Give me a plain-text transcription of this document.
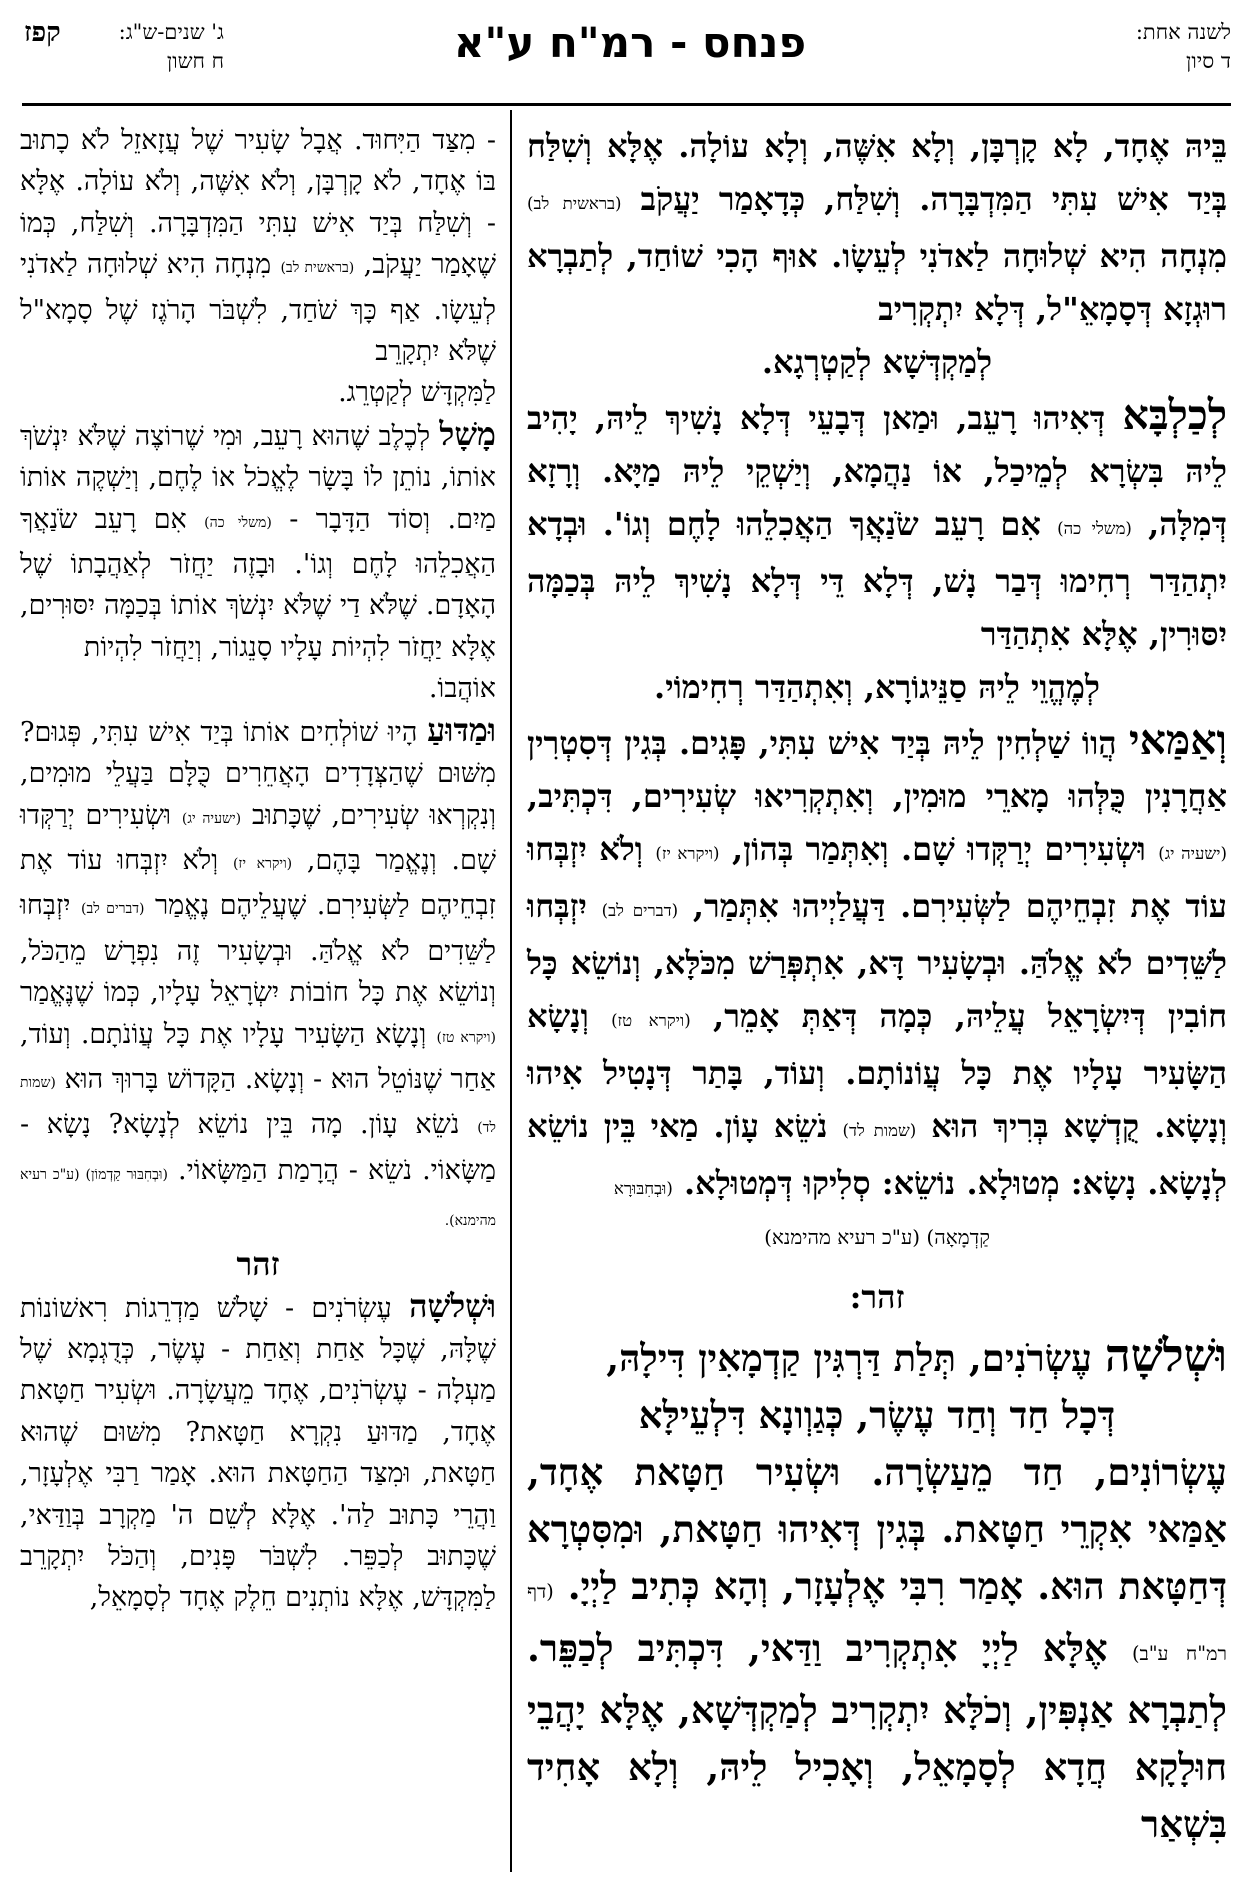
לשנה אחת:
ד סיון
פנחס - רמ"ח ע"א
ג' שנים-ש"ג:
קפז
ח חשון

בֵּיהּ אֶחָד, לָא קָרְבָּן, וְלָא אִשֶּׁה, וְלָא עוֹלָה. אֶלָּא וְשִׁלַּח בְּיַד אִישׁ עִתִּי הַמִּדְבָּרָה. וְשִׁלַּח, כְּדָאָמַר יַעֲקֹב (בראשית לב) מִנְחָה הִיא שְׁלוּחָה לַאדֹנִי לְעֵשָׂו. אוּף הָכִי שׁוֹחַד, לְתַבְרָא רוּגְזָא דְּסָמָאֵ"ל, דְּלָא יִתְקְרִיב

לְמַקְדְּשָׁא לְקַטְרְגָא.

לְכַלְבָּא דְּאִיהוּ רָעֵב, וּמַאן דְּבָעֵי דְּלָא נָשִׁיךְ לֵיהּ, יָהִיב לֵיהּ בִּשְׂרָא לְמֵיכַל, אוֹ נַהֲמָא, וְיַשְׁקֵי לֵיהּ מַיָּא. וְרָזָא דְּמִלָּה, (משלי כה) אִם רָעֵב שֹׂנַאֲךָ הַאֲכִלֵהוּ לָחֶם וְגוֹ'. וּבְדָא יִתְהַדַּר רְחִימוּ דְּבַר נָשׁ, דְּלָא דֵּי דְּלָא נָשִׁיךְ לֵיהּ בְּכַמָּה יִסּוּרִין, אֶלָּא אִתְהַדַּר

לְמֶהֱוֵי לֵיהּ סַנֵּיגוֹרָא, וְאִתְהַדַּר רְחִימוֹי.

וְאַמַּאי הֲווֹ שַׁלְחִין לֵיהּ בְּיַד אִישׁ עִתִּי, פָּגִים. בְּגִין דְּסִטְרִין אַחֲרָנִין כֻּלְּהוּ מָארֵי מוּמִין, וְאִתְקְרִיאוּ שְׂעִירִים, דִּכְתִּיב, (ישעיה יג) וּשְׂעִירִים יְרַקְּדוּ שָׁם. וְאִתְּמַר בְּהוֹן, (ויקרא יז) וְלֹא יִזְבְּחוּ עוֹד אֶת זִבְחֵיהֶם לַשְּׂעִירִם. דַּעֲלַיְיהוּ אִתְּמַר, (דברים לב) יִזְבְּחוּ לַשֵּׁדִים לֹא אֱלֹהַּ. וּבְשָׂעִיר דָּא, אִתְפְּרַשׁ מִכֹּלָּא, וְנוֹשֵׂא כָּל חוֹבִין דְּיִשְׂרָאֵל עֲלֵיהּ, כְּמָה דְּאַתְּ אָמֵר, (ויקרא טז) וְנָשָׂא הַשָּׂעִיר עָלָיו אֶת כָּל עֲוֹנוֹתָם. וְעוֹד, בָּתַר דְּנָטִיל אִיהוּ וְנָשָׂא. קֻדְשָׁא בְּרִיךְ הוּא (שמות לד) נֹשֵׂא עָוֹן. מַאי בֵּין נוֹשֵׂא לְנָשָׂא. נָשָׂא: מְטוּלָא. נוֹשֵׂא: סְלִיקוּ דְּמְטוּלָא. (וּבְחִבּוּרָא

קַדְמָאָה) (ע"כ רעיא מהימנא)

זהר:

וּשְׁלֹשָׁה עֶשְׂרֹנִים, תְּלַת דַּרְגִּין קַדְמָאִין דִּילָהּ,

דְּכָל חַד וְחַד עֶשֶׂר, כְּגַוְונָא דִּלְעֵילָּא

עֶשְׂרוֹנִים, חַד מֵעַשְׂרָה. וּשְׂעִיר חַטָּאת אֶחָד, אַמַּאי אִקְרֵי חַטָּאת. בְּגִין דְּאִיהוּ חַטָּאת, וּמִסִּטְרָא דְּחַטָּאת הוּא. אָמַר רִבִּי אֶלְעָזָר, וְהָא כְּתִיב לַיְיָ. (דף רמ"ח ע"ב) אֶלָּא לַיְיָ אִתְקְרִיב וַדַּאי, דִּכְתִּיב לְכַפֵּר. לְתַבְרָא אַנְפִּין, וְכֹלָּא יִתְקְרִיב לְמַקְדְּשָׁא, אֶלָּא יָהֲבֵי חוּלָקָא חֲדָא לְסָמָאֵל, וְאָכִיל לֵיהּ, וְלָא אָחִיד בִּשְׁאַר

- מִצַּד הַיִּחוּד. אֲבָל שָׂעִיר שֶׁל עֲזָאזֵל לֹא כָתוּב בּוֹ אֶחָד, לֹא קָרְבָּן, וְלֹא אִשֶּׁה, וְלֹא עוֹלָה. אֶלָּא - וְשִׁלַּח בְּיַד אִישׁ עִתִּי הַמִּדְבָּרָה. וְשִׁלַּח, כְּמוֹ שֶׁאָמַר יַעֲקֹב, (בראשית לב) מִנְחָה הִיא שְׁלוּחָה לַאדֹנִי לְעֵשָׂו. אַף כָּךְ שֹׁחַד, לִשְׁבֹּר הָרֹגֶז שֶׁל סָמָא"ל שֶׁלֹּא יִתְקָרֵב

לַמִּקְדָּשׁ לְקַטְרֵג.

מָשָׁל לְכֶלֶב שֶׁהוּא רָעֵב, וּמִי שֶׁרוֹצֶה שֶׁלֹּא יִנְשֹׁךְ אוֹתוֹ, נוֹתֵן לוֹ בָּשָׂר לֶאֱכֹל אוֹ לֶחֶם, וְיַשְׁקֶה אוֹתוֹ מַיִם. וְסוֹד הַדָּבָר - (משלי כה) אִם רָעֵב שֹׂנַאֲךָ הַאֲכִלֵהוּ לָחֶם וְגוֹ'. וּבָזֶה יַחֲזֹר לְאַהֲבָתוֹ שֶׁל הָאָדָם. שֶׁלֹּא דַי שֶׁלֹּא יִנְשֹׁךְ אוֹתוֹ בְּכַמָּה יִסּוּרִים, אֶלָּא יַחֲזֹר לִהְיוֹת עָלָיו סָנֵגוֹר, וְיַחֲזֹר לִהְיוֹת

אוֹהֲבוֹ.

וּמַדּוּעַ הָיוּ שׁוֹלְחִים אוֹתוֹ בְּיַד אִישׁ עִתִּי, פְּגוּם? מִשּׁוּם שֶׁהַצְּדָדִים הָאֲחֵרִים כֻּלָּם בַּעֲלֵי מוּמִים, וְנִקְרְאוּ שְׂעִירִים, שֶׁכָּתוּב (ישעיה יג) וּשְׂעִירִים יְרַקְּדוּ שָׁם. וְנֶאֱמַר בָּהֶם, (ויקרא יז) וְלֹא יִזְבְּחוּ עוֹד אֶת זִבְחֵיהֶם לַשְּׂעִירִם. שֶׁעֲלֵיהֶם נֶאֱמַר (דברים לב) יִזְבְּחוּ לַשֵּׁדִים לֹא אֱלֹהַּ. וּבְשָׂעִיר זֶה נִפְרָשׁ מֵהַכֹּל, וְנוֹשֵׂא אֶת כָּל חוֹבוֹת יִשְׂרָאֵל עָלָיו, כְּמוֹ שֶׁנֶּאֱמַר (ויקרא טז) וְנָשָׂא הַשָּׂעִיר עָלָיו אֶת כָּל עֲוֹנֹתָם. וְעוֹד, אַחַר שֶׁנּוֹטֵל הוּא - וְנָשָׂא. הַקָּדוֹשׁ בָּרוּךְ הוּא (שמות לד) נֹשֵׂא עָוֹן. מָה בֵּין נוֹשֵׂא לְנָשָׂא? נָשָׂא - מַשָּׂאוֹי. נֹשֵׂא - הֲרָמַת הַמַּשָּׂאוֹי. (וּבְחִבּוּר קַדְמוֹן) (ע"כ רעיא מהימנא).

זהר

וּשְׁלֹשָׁה עֶשְׂרֹנִים - שָׁלֹשׁ מַדְרֵגוֹת רִאשׁוֹנוֹת שֶׁלָּהּ, שֶׁכָּל אַחַת וְאַחַת - עֶשֶׂר, כְּדֻגְמָא שֶׁל מַעְלָה - עֶשְׂרֹנִים, אֶחָד מֵעֲשָׂרָה. וּשְׂעִיר חַטָּאת אֶחָד, מַדּוּעַ נִקְרָא חַטָּאת? מִשּׁוּם שֶׁהוּא חַטָּאת, וּמִצַּד הַחַטָּאת הוּא. אָמַר רַבִּי אֶלְעָזָר, וַהֲרֵי כָּתוּב לַה'. אֶלָּא לְשֵׁם ה' מַקְרָב בְּוַדַּאי, שֶׁכָּתוּב לְכַפֵּר. לִשְׁבֹּר פָּנִים, וְהַכֹּל יִתְקָרֵב לַמִּקְדָּשׁ, אֶלָּא נוֹתְנִים חֵלֶק אֶחָד לְסָמָאֵל,
